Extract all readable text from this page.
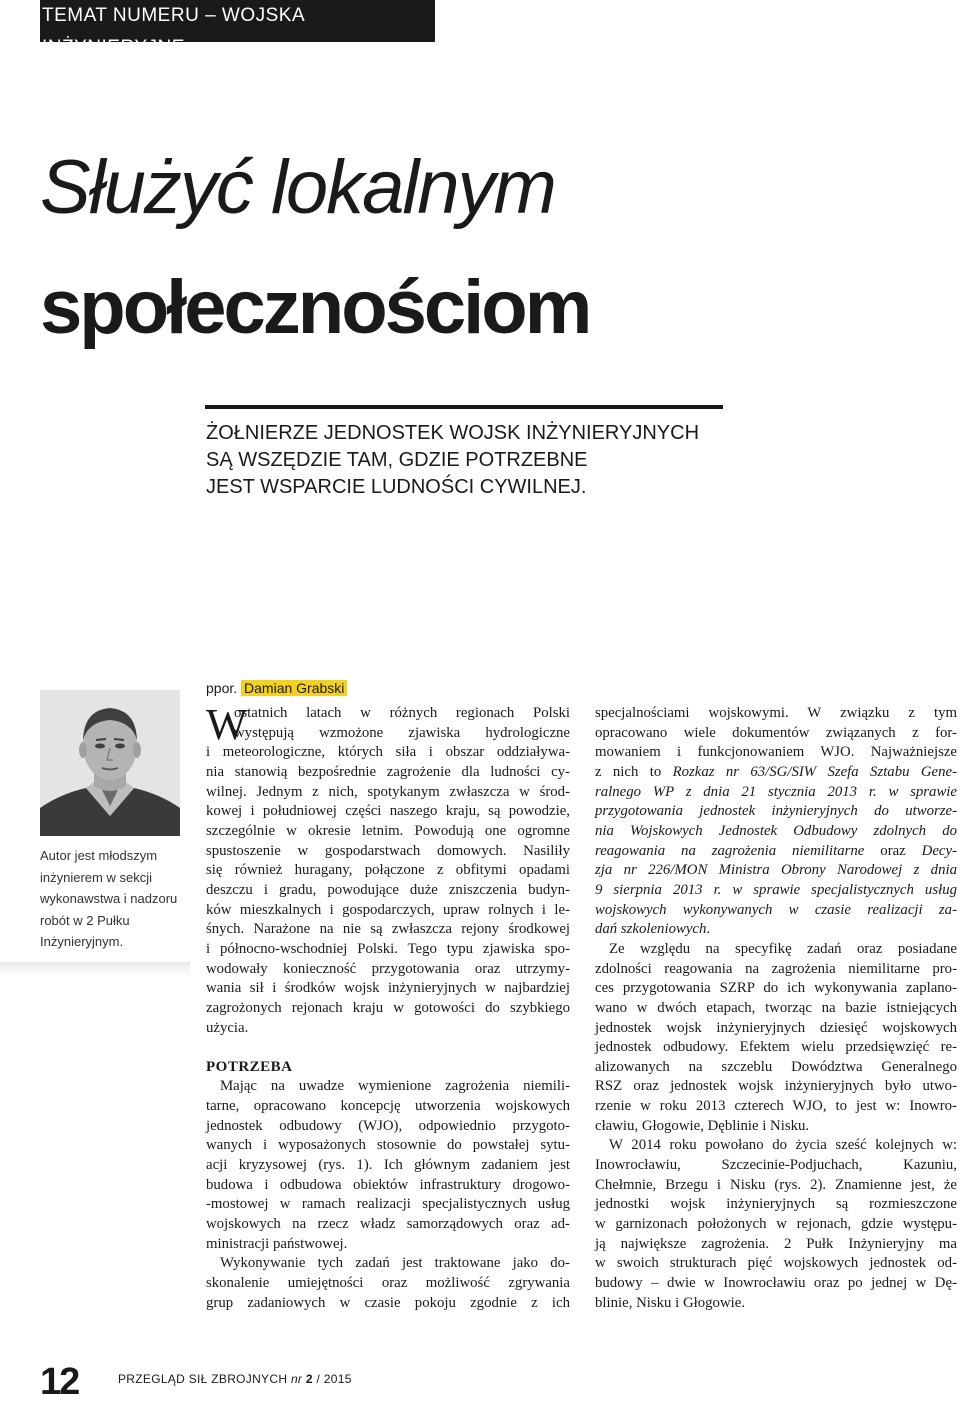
TEMAT NUMERU – WOJSKA INŻYNIERYJNE
Służyć lokalnym
społecznościom
ŻOŁNIERZE JEDNOSTEK WOJSK INŻYNIERYJNYCH
SĄ WSZĘDZIE TAM, GDZIE POTRZEBNE
JEST WSPARCIE LUDNOŚCI CYWILNEJ.
Autor jest młodszym
inżynierem w sekcji
wykonawstwa i nadzoru
robót w 2 Pułku
Inżynieryjnym.
ppor. Damian Grabski
W
ostatnich latach w różnych regionach Polski
występują wzmożone zjawiska hydrologiczne
i meteorologiczne, których siła i obszar oddziaływa-
nia stanowią bezpośrednie zagrożenie dla ludności cy-
wilnej. Jednym z nich, spotykanym zwłaszcza w środ-
kowej i południowej części naszego kraju, są powodzie,
szczególnie w okresie letnim. Powodują one ogromne
spustoszenie w gospodarstwach domowych. Nasiliły
się również huragany, połączone z obfitymi opadami
deszczu i gradu, powodujące duże zniszczenia budyn-
ków mieszkalnych i gospodarczych, upraw rolnych i le-
śnych. Narażone na nie są zwłaszcza rejony środkowej
i północno-wschodniej Polski. Tego typu zjawiska spo-
wodowały konieczność przygotowania oraz utrzymy-
wania sił i środków wojsk inżynieryjnych w najbardziej
zagrożonych rejonach kraju w gotowości do szybkiego
użycia.
POTRZEBA
Mając na uwadze wymienione zagrożenia niemili-
tarne, opracowano koncepcję utworzenia wojskowych
jednostek odbudowy (WJO), odpowiednio przygoto-
wanych i wyposażonych stosownie do powstałej sytu-
acji kryzysowej (rys. 1). Ich głównym zadaniem jest
budowa i odbudowa obiektów infrastruktury drogowo-
-mostowej w ramach realizacji specjalistycznych usług
wojskowych na rzecz władz samorządowych oraz ad-
ministracji państwowej.
Wykonywanie tych zadań jest traktowane jako do-
skonalenie umiejętności oraz możliwość zgrywania
grup zadaniowych w czasie pokoju zgodnie z ich
specjalnościami wojskowymi. W związku z tym
opracowano wiele dokumentów związanych z for-
mowaniem i funkcjonowaniem WJO. Najważniejsze
z nich to Rozkaz nr 63/SG/SIW Szefa Sztabu Gene-
ralnego WP z dnia 21 stycznia 2013 r. w sprawie
przygotowania jednostek inżynieryjnych do utworze-
nia Wojskowych Jednostek Odbudowy zdolnych do
reagowania na zagrożenia niemilitarne oraz Decy-
zja nr 226/MON Ministra Obrony Narodowej z dnia
9 sierpnia 2013 r. w sprawie specjalistycznych usług
wojskowych wykonywanych w czasie realizacji za-
dań szkoleniowych.
Ze względu na specyfikę zadań oraz posiadane
zdolności reagowania na zagrożenia niemilitarne pro-
ces przygotowania SZRP do ich wykonywania zaplano-
wano w dwóch etapach, tworząc na bazie istniejących
jednostek wojsk inżynieryjnych dziesięć wojskowych
jednostek odbudowy. Efektem wielu przedsięwzięć re-
alizowanych na szczeblu Dowództwa Generalnego
RSZ oraz jednostek wojsk inżynieryjnych było utwo-
rzenie w roku 2013 czterech WJO, to jest w: Inowro-
cławiu, Głogowie, Dęblinie i Nisku.
W 2014 roku powołano do życia sześć kolejnych w:
Inowrocławiu, Szczecinie-Podjuchach, Kazuniu,
Chełmnie, Brzegu i Nisku (rys. 2). Znamienne jest, że
jednostki wojsk inżynieryjnych są rozmieszczone
w garnizonach położonych w rejonach, gdzie występu-
ją największe zagrożenia. 2 Pułk Inżynieryjny ma
w swoich strukturach pięć wojskowych jednostek od-
budowy – dwie w Inowrocławiu oraz po jednej w Dę-
blinie, Nisku i Głogowie.
12	PRZEGLĄD SIŁ ZBROJNYCH nr 2 / 2015
